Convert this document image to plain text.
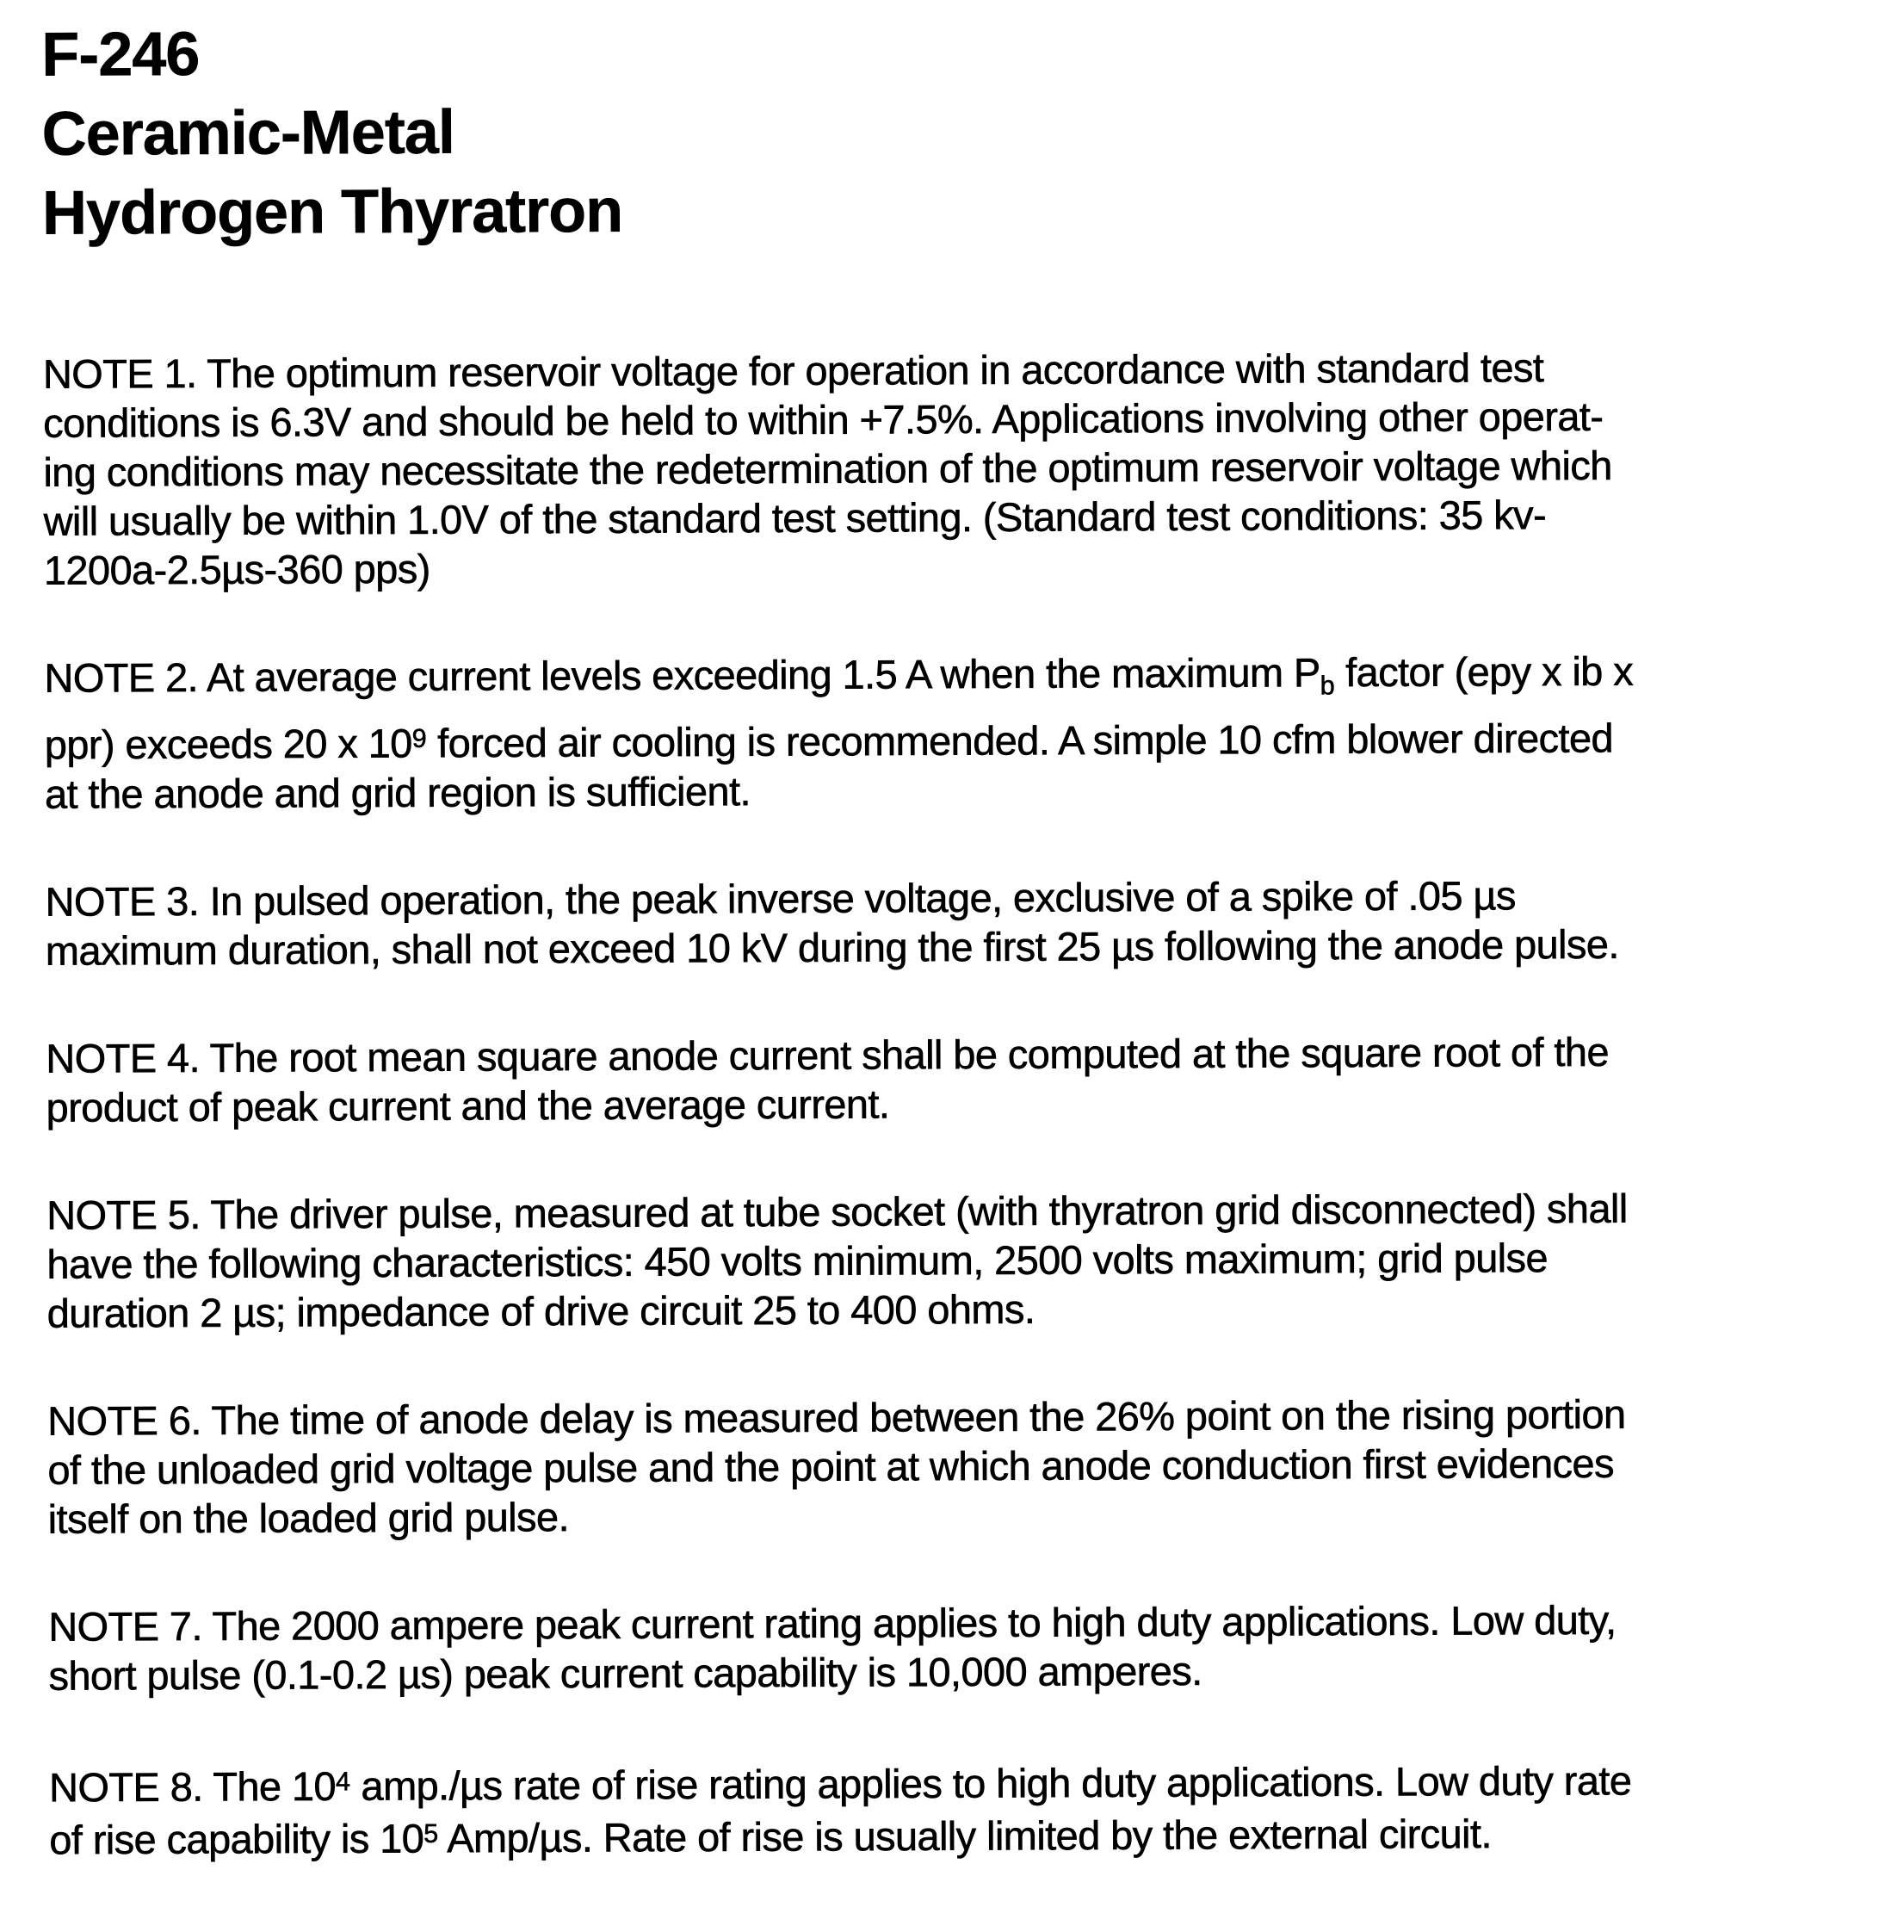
F-246
Ceramic-Metal
Hydrogen Thyratron

NOTE 1. The optimum reservoir voltage for operation in accordance with standard test
conditions is 6.3V and should be held to within +7.5%. Applications involving other operat-
ing conditions may necessitate the redetermination of the optimum reservoir voltage which
will usually be within 1.0V of the standard test setting. (Standard test conditions: 35 kv-
1200a-2.5µs-360 pps)

NOTE 2. At average current levels exceeding 1.5 A when the maximum $P_b$ factor (epy x ib x
ppr) exceeds 20 x $10^9$ forced air cooling is recommended. A simple 10 cfm blower directed
at the anode and grid region is sufficient.

NOTE 3. In pulsed operation, the peak inverse voltage, exclusive of a spike of .05 µs
maximum duration, shall not exceed 10 kV during the first 25 µs following the anode pulse.

NOTE 4. The root mean square anode current shall be computed at the square root of the
product of peak current and the average current.

NOTE 5. The driver pulse, measured at tube socket (with thyratron grid disconnected) shall
have the following characteristics: 450 volts minimum, 2500 volts maximum; grid pulse
duration 2 µs; impedance of drive circuit 25 to 400 ohms.

NOTE 6. The time of anode delay is measured between the 26% point on the rising portion
of the unloaded grid voltage pulse and the point at which anode conduction first evidences
itself on the loaded grid pulse.

NOTE 7. The 2000 ampere peak current rating applies to high duty applications. Low duty,
short pulse (0.1-0.2 µs) peak current capability is 10,000 amperes.

NOTE 8. The $10^4$ amp./µs rate of rise rating applies to high duty applications. Low duty rate
of rise capability is $10^5$ Amp/µs. Rate of rise is usually limited by the external circuit.
